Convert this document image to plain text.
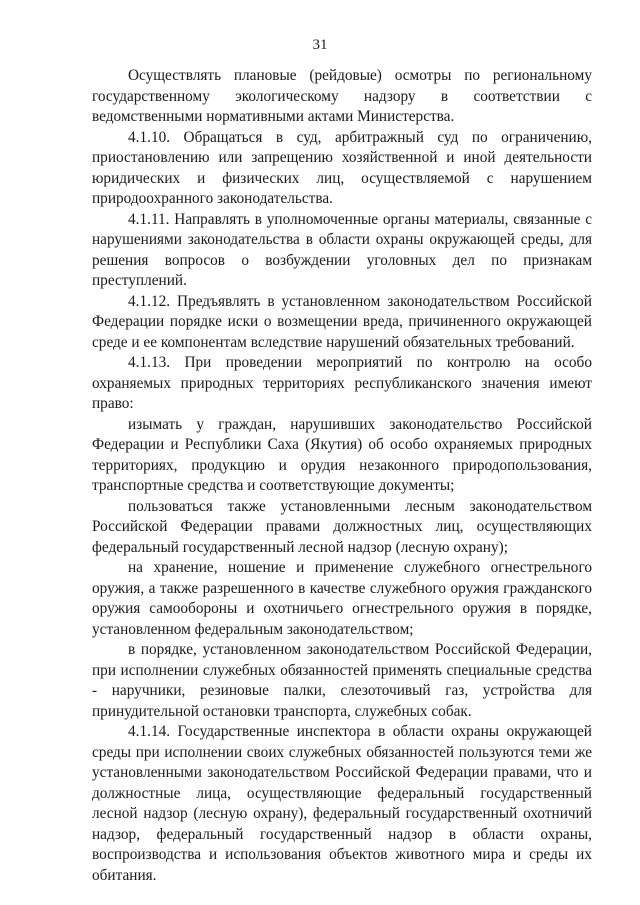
31

Осуществлять плановые (рейдовые) осмотры по региональному государственному экологическому надзору в соответствии с ведомственными нормативными актами Министерства.

4.1.10. Обращаться в суд, арбитражный суд по ограничению, приостановлению или запрещению хозяйственной и иной деятельности юридических и физических лиц, осуществляемой с нарушением природоохранного законодательства.

4.1.11. Направлять в уполномоченные органы материалы, связанные с нарушениями законодательства в области охраны окружающей среды, для решения вопросов о возбуждении уголовных дел по признакам преступлений.

4.1.12. Предъявлять в установленном законодательством Российской Федерации порядке иски о возмещении вреда, причиненного окружающей среде и ее компонентам вследствие нарушений обязательных требований.

4.1.13. При проведении мероприятий по контролю на особо охраняемых природных территориях республиканского значения имеют право:

изымать у граждан, нарушивших законодательство Российской Федерации и Республики Саха (Якутия) об особо охраняемых природных территориях, продукцию и орудия незаконного природопользования, транспортные средства и соответствующие документы;

пользоваться также установленными лесным законодательством Российской Федерации правами должностных лиц, осуществляющих федеральный государственный лесной надзор (лесную охрану);

на хранение, ношение и применение служебного огнестрельного оружия, а также разрешенного в качестве служебного оружия гражданского оружия самообороны и охотничьего огнестрельного оружия в порядке, установленном федеральным законодательством;

в порядке, установленном законодательством Российской Федерации, при исполнении служебных обязанностей применять специальные средства - наручники, резиновые палки, слезоточивый газ, устройства для принудительной остановки транспорта, служебных собак.

4.1.14. Государственные инспектора в области охраны окружающей среды при исполнении своих служебных обязанностей пользуются теми же установленными законодательством Российской Федерации правами, что и должностные лица, осуществляющие федеральный государственный лесной надзор (лесную охрану), федеральный государственный охотничий надзор, федеральный государственный надзор в области охраны, воспроизводства и использования объектов животного мира и среды их обитания.
